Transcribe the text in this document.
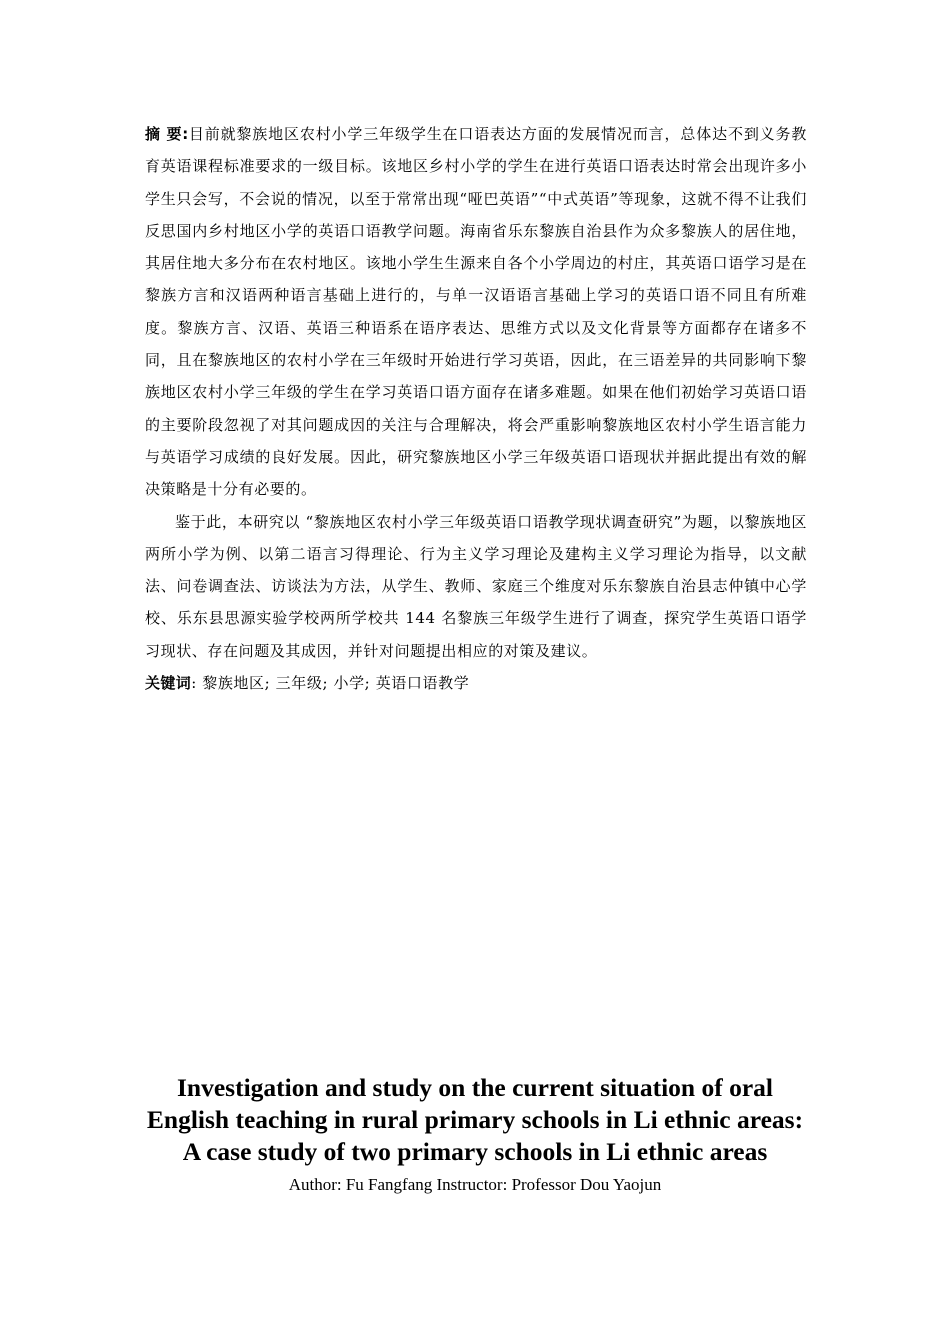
摘 要:目前就黎族地区农村小学三年级学生在口语表达方面的发展情况而言，总体达不到义务教育英语课程标准要求的一级目标。该地区乡村小学的学生在进行英语口语表达时常会出现许多小学生只会写，不会说的情况，以至于常常出现“哑巴英语”“中式英语”等现象，这就不得不让我们反思国内乡村地区小学的英语口语教学问题。海南省乐东黎族自治县作为众多黎族人的居住地，其居住地大多分布在农村地区。该地小学生生源来自各个小学周边的村庄，其英语口语学习是在黎族方言和汉语两种语言基础上进行的，与单一汉语语言基础上学习的英语口语不同且有所难度。黎族方言、汉语、英语三种语系在语序表达、思维方式以及文化背景等方面都存在诸多不同，且在黎族地区的农村小学在三年级时开始进行学习英语，因此，在三语差异的共同影响下黎族地区农村小学三年级的学生在学习英语口语方面存在诸多难题。如果在他们初始学习英语口语的主要阶段忽视了对其问题成因的关注与合理解决，将会严重影响黎族地区农村小学生语言能力与英语学习成绩的良好发展。因此，研究黎族地区小学三年级英语口语现状并据此提出有效的解决策略是十分有必要的。

鉴于此，本研究以 “黎族地区农村小学三年级英语口语教学现状调查研究”为题，以黎族地区两所小学为例、以第二语言习得理论、行为主义学习理论及建构主义学习理论为指导，以文献法、问卷调查法、访谈法为方法，从学生、教师、家庭三个维度对乐东黎族自治县志仲镇中心学校、乐东县思源实验学校两所学校共 144 名黎族三年级学生进行了调查，探究学生英语口语学习现状、存在问题及其成因，并针对问题提出相应的对策及建议。

关键词: 黎族地区; 三年级; 小学; 英语口语教学

Investigation and study on the current situation of oral
English teaching in rural primary schools in Li ethnic areas:
A case study of two primary schools in Li ethnic areas
Author: Fu Fangfang Instructor: Professor Dou Yaojun
